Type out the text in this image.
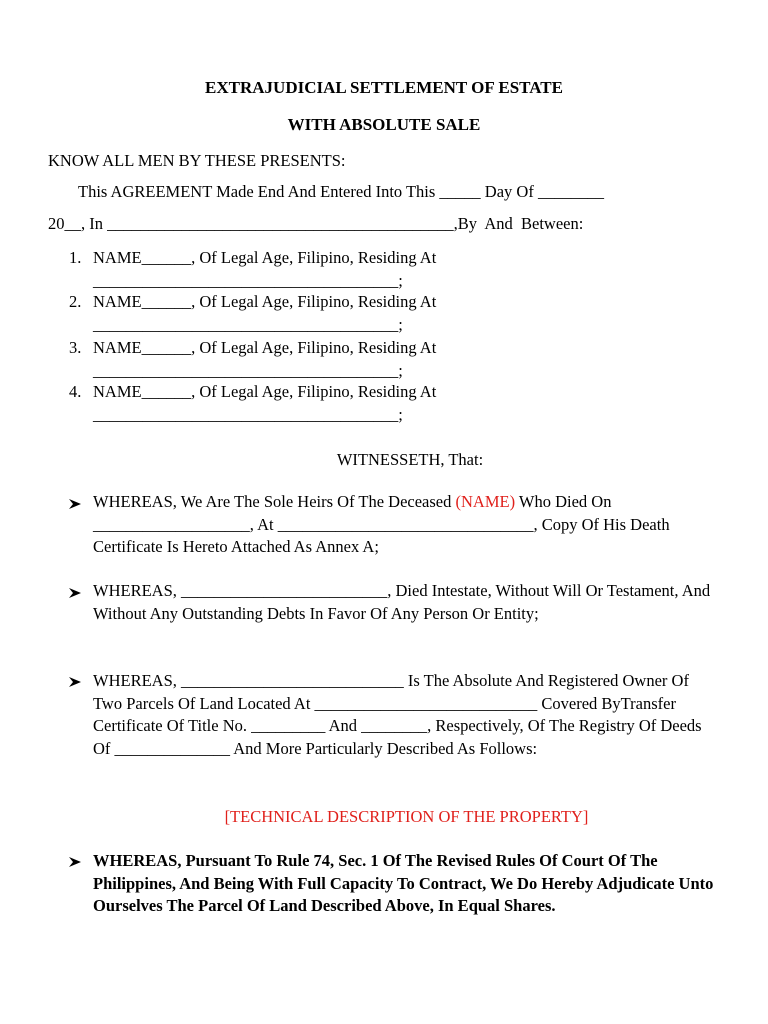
EXTRAJUDICIAL SETTLEMENT OF ESTATE
WITH ABSOLUTE SALE
KNOW ALL MEN BY THESE PRESENTS:
This AGREEMENT Made End And Entered Into This _____ Day Of ________
20__, In __________________________________________,By  And  Between:
1. NAME______, Of Legal Age, Filipino, Residing At
_____________________________________;
2. NAME______, Of Legal Age, Filipino, Residing At
_____________________________________;
3. NAME______, Of Legal Age, Filipino, Residing At
_____________________________________;
4. NAME______, Of Legal Age, Filipino, Residing At
_____________________________________;
WITNESSETH, That:

WHEREAS, We Are The Sole Heirs Of The Deceased (NAME) Who Died On ___________________, At _______________________________, Copy Of His Death Certificate Is Hereto Attached As Annex A;

WHEREAS, _________________________, Died Intestate, Without Will Or Testament, And Without Any Outstanding Debts In Favor Of Any Person Or Entity;

WHEREAS, ___________________________ Is The Absolute And Registered Owner Of Two Parcels Of Land Located At ___________________________ Covered ByTransfer Certificate Of Title No. _________ And ________, Respectively, Of The Registry Of Deeds Of ______________ And More Particularly Described As Follows:

[TECHNICAL DESCRIPTION OF THE PROPERTY]

WHEREAS, Pursuant To Rule 74, Sec. 1 Of The Revised Rules Of Court Of The Philippines, And Being With Full Capacity To Contract, We Do Hereby Adjudicate Unto Ourselves The Parcel Of Land Described Above, In Equal Shares.
